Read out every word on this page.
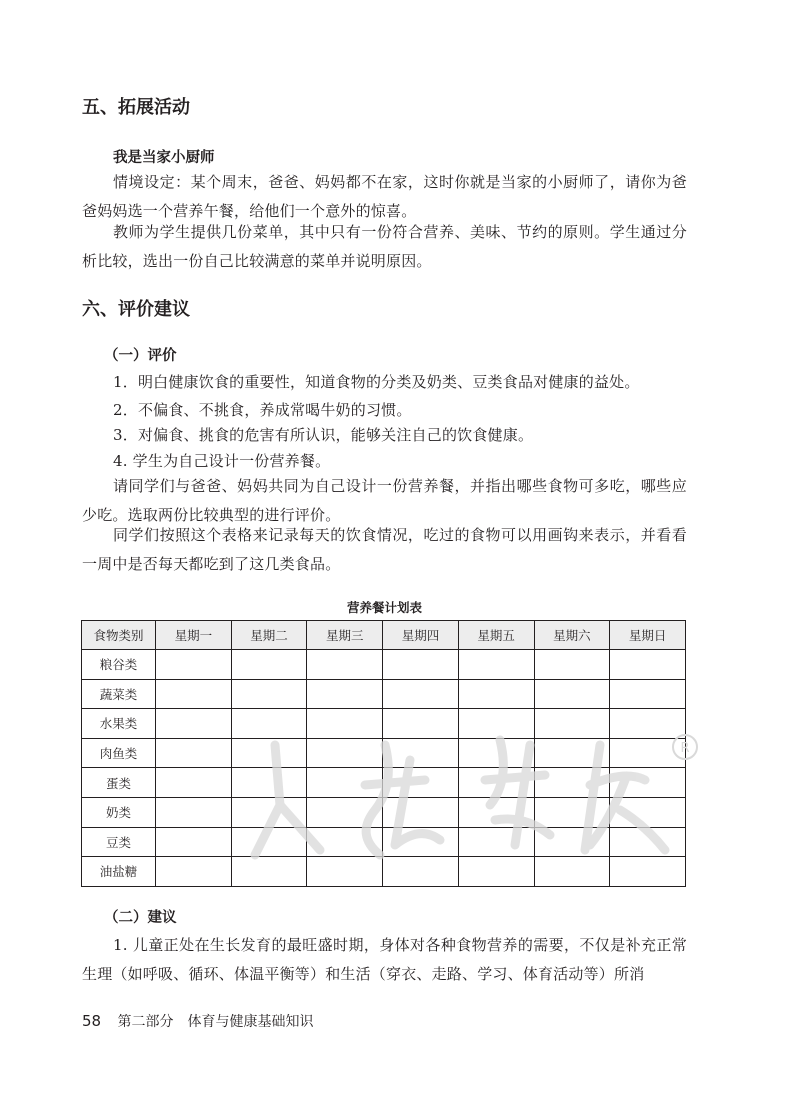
五、拓展活动
我是当家小厨师

情境设定：某个周末，爸爸、妈妈都不在家，这时你就是当家的小厨师了，请你为爸爸妈妈选一个营养午餐，给他们一个意外的惊喜。

教师为学生提供几份菜单，其中只有一份符合营养、美味、节约的原则。学生通过分析比较，选出一份自己比较满意的菜单并说明原因。

六、评价建议
（一）评价

1．明白健康饮食的重要性，知道食物的分类及奶类、豆类食品对健康的益处。

2．不偏食、不挑食，养成常喝牛奶的习惯。

3．对偏食、挑食的危害有所认识，能够关注自己的饮食健康。

4. 学生为自己设计一份营养餐。

请同学们与爸爸、妈妈共同为自己设计一份营养餐，并指出哪些食物可多吃，哪些应少吃。选取两份比较典型的进行评价。

同学们按照这个表格来记录每天的饮食情况，吃过的食物可以用画钩来表示，并看看一周中是否每天都吃到了这几类食品。

营养餐计划表

食物类别	星期一	星期二	星期三	星期四	星期五	星期六	星期日
粮谷类							
蔬菜类							
水果类							
肉鱼类							
蛋类							
奶类							
豆类							
油盐糖							
R
（二）建议

1. 儿童正处在生长发育的最旺盛时期，身体对各种食物营养的需要，不仅是补充正常生理（如呼吸、循环、体温平衡等）和生活（穿衣、走路、学习、体育活动等）所消

58 第二部分　体育与健康基础知识
